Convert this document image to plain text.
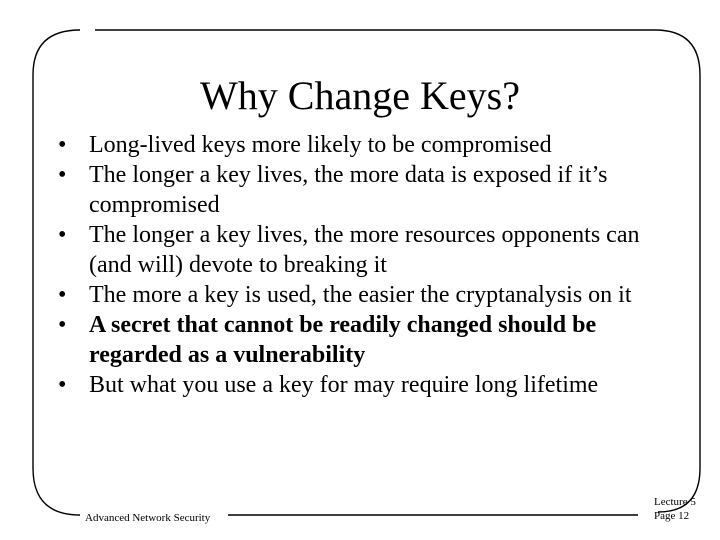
Why Change Keys?
• Long-lived keys more likely to be compromised
• The longer a key lives, the more data is exposed if it’s compromised
• The longer a key lives, the more resources opponents can (and will) devote to breaking it
• The more a key is used, the easier the cryptanalysis on it
• A secret that cannot be readily changed should be regarded as a vulnerability
• But what you use a key for may require long lifetime
Advanced Network Security
Lecture 5
Page 12
